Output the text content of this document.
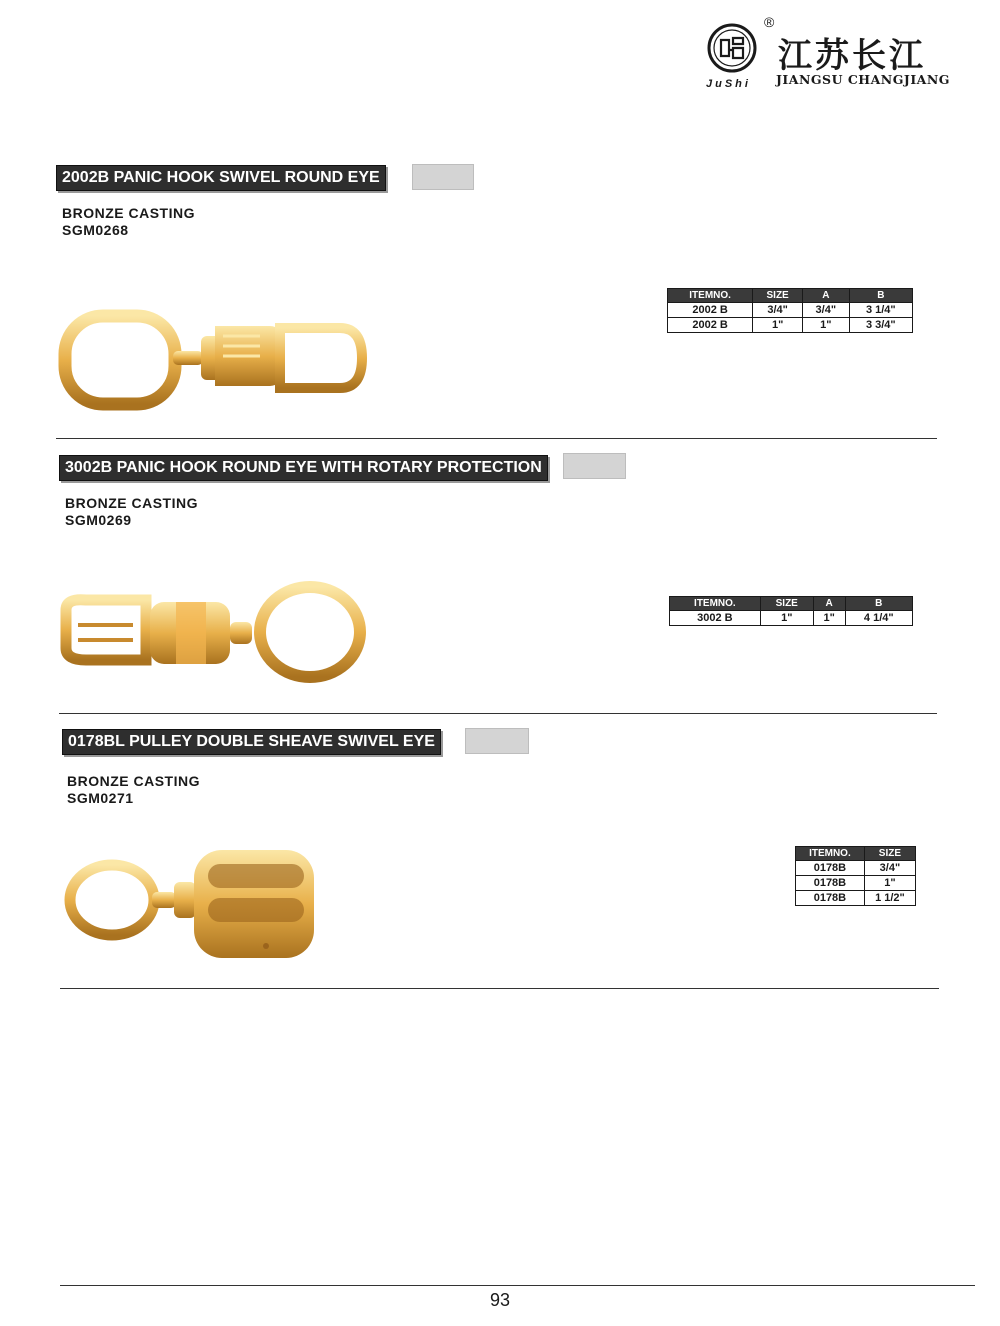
®
江苏长江
JIANGSU CHANGJIANG
JuShi
2002B PANIC HOOK SWIVEL ROUND EYE
BRONZE CASTING
SGM0268
ITEMNO.	SIZE	A	B
2002 B	3/4"	3/4"	3 1/4"
2002 B	1"	1"	3 3/4"
3002B PANIC HOOK ROUND EYE WITH ROTARY PROTECTION
BRONZE CASTING
SGM0269
ITEMNO.	SIZE	A	B
3002 B	1"	1"	4 1/4"
0178BL PULLEY DOUBLE SHEAVE SWIVEL EYE
BRONZE CASTING
SGM0271
ITEMNO.	SIZE
0178B	3/4"
0178B	1"
0178B	1 1/2"
93
